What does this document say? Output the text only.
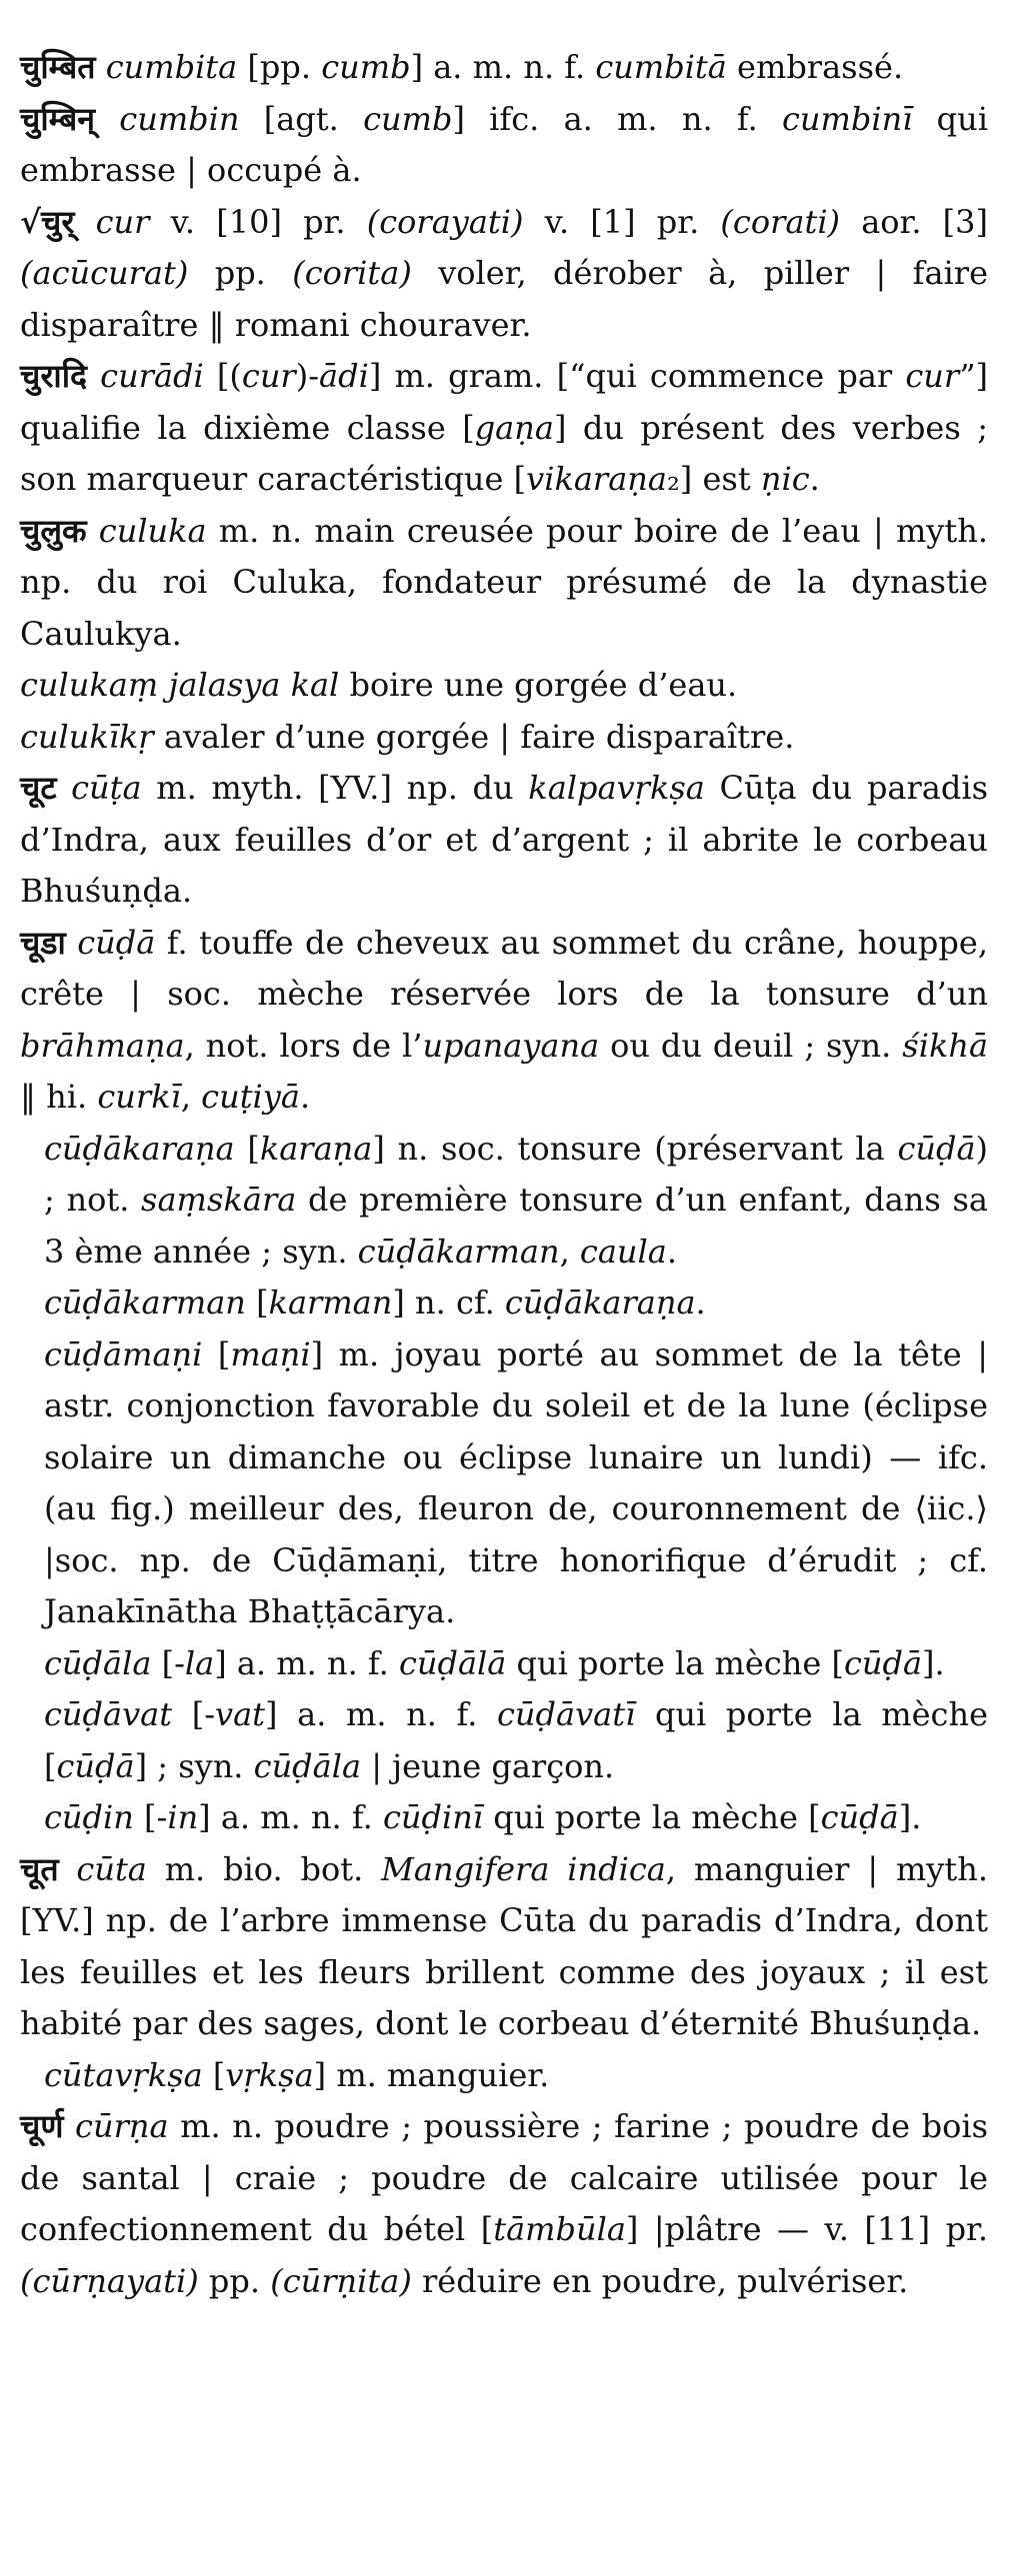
चुम्बित cumbita [pp. cumb] a. m. n. f. cumbitā embrassé.

चुम्बिन् cumbin [agt. cumb] ifc. a. m. n. f. cumbinī qui embrasse | occupé à.

√चुर् cur v. [10] pr. (corayati) v. [1] pr. (corati) aor. [3] (acūcurat) pp. (corita) voler, dérober à, piller | faire disparaître ‖ romani chouraver.

चुरादि curādi [(cur)-ādi] m. gram. [“qui commence par cur”] qualifie la dixième classe [gaṇa] du présent des verbes ; son marqueur caractéristique [vikaraṇa₂] est ṇic.

चुलुक culuka m. n. main creusée pour boire de l’eau | myth. np. du roi Culuka, fondateur présumé de la dynastie Caulukya.

culukaṃ jalasya kal boire une gorgée d’eau.

culukīkṛ avaler d’une gorgée | faire disparaître.

चूट cūṭa m. myth. [YV.] np. du kalpavṛkṣa Cūṭa du paradis d’Indra, aux feuilles d’or et d’argent ; il abrite le corbeau Bhuśuṇḍa.

चूडा cūḍā f. touffe de cheveux au sommet du crâne, houppe, crête | soc. mèche réservée lors de la tonsure d’un brāhmaṇa, not. lors de l’upanayana ou du deuil ; syn. śikhā ‖ hi. curkī, cuṭiyā.

cūḍākaraṇa [karaṇa] n. soc. tonsure (préservant la cūḍā) ; not. saṃskāra de première tonsure d’un enfant, dans sa 3 ème année ; syn. cūḍākarman, caula.

cūḍākarman [karman] n. cf. cūḍākaraṇa.

cūḍāmaṇi [maṇi] m. joyau porté au sommet de la tête | astr. conjonction favorable du soleil et de la lune (éclipse solaire un dimanche ou éclipse lunaire un lundi) — ifc. (au fig.) meilleur des, fleuron de, couronnement de ⟨iic.⟩ |soc. np. de Cūḍāmaṇi, titre honorifique d’érudit ; cf. Janakīnātha Bhaṭṭācārya.

cūḍāla [-la] a. m. n. f. cūḍālā qui porte la mèche [cūḍā].

cūḍāvat [-vat] a. m. n. f. cūḍāvatī qui porte la mèche [cūḍā] ; syn. cūḍāla | jeune garçon.

cūḍin [-in] a. m. n. f. cūḍinī qui porte la mèche [cūḍā].

चूत cūta m. bio. bot. Mangifera indica, manguier | myth. [YV.] np. de l’arbre immense Cūta du paradis d’Indra, dont les feuilles et les fleurs brillent comme des joyaux ; il est habité par des sages, dont le corbeau d’éternité Bhuśuṇḍa.

cūtavṛkṣa [vṛkṣa] m. manguier.

चूर्ण cūrṇa m. n. poudre ; poussière ; farine ; poudre de bois de santal | craie ; poudre de calcaire utilisée pour le confectionnement du bétel [tāmbūla] |plâtre — v. [11] pr. (cūrṇayati) pp. (cūrṇita) réduire en poudre, pulvériser.
